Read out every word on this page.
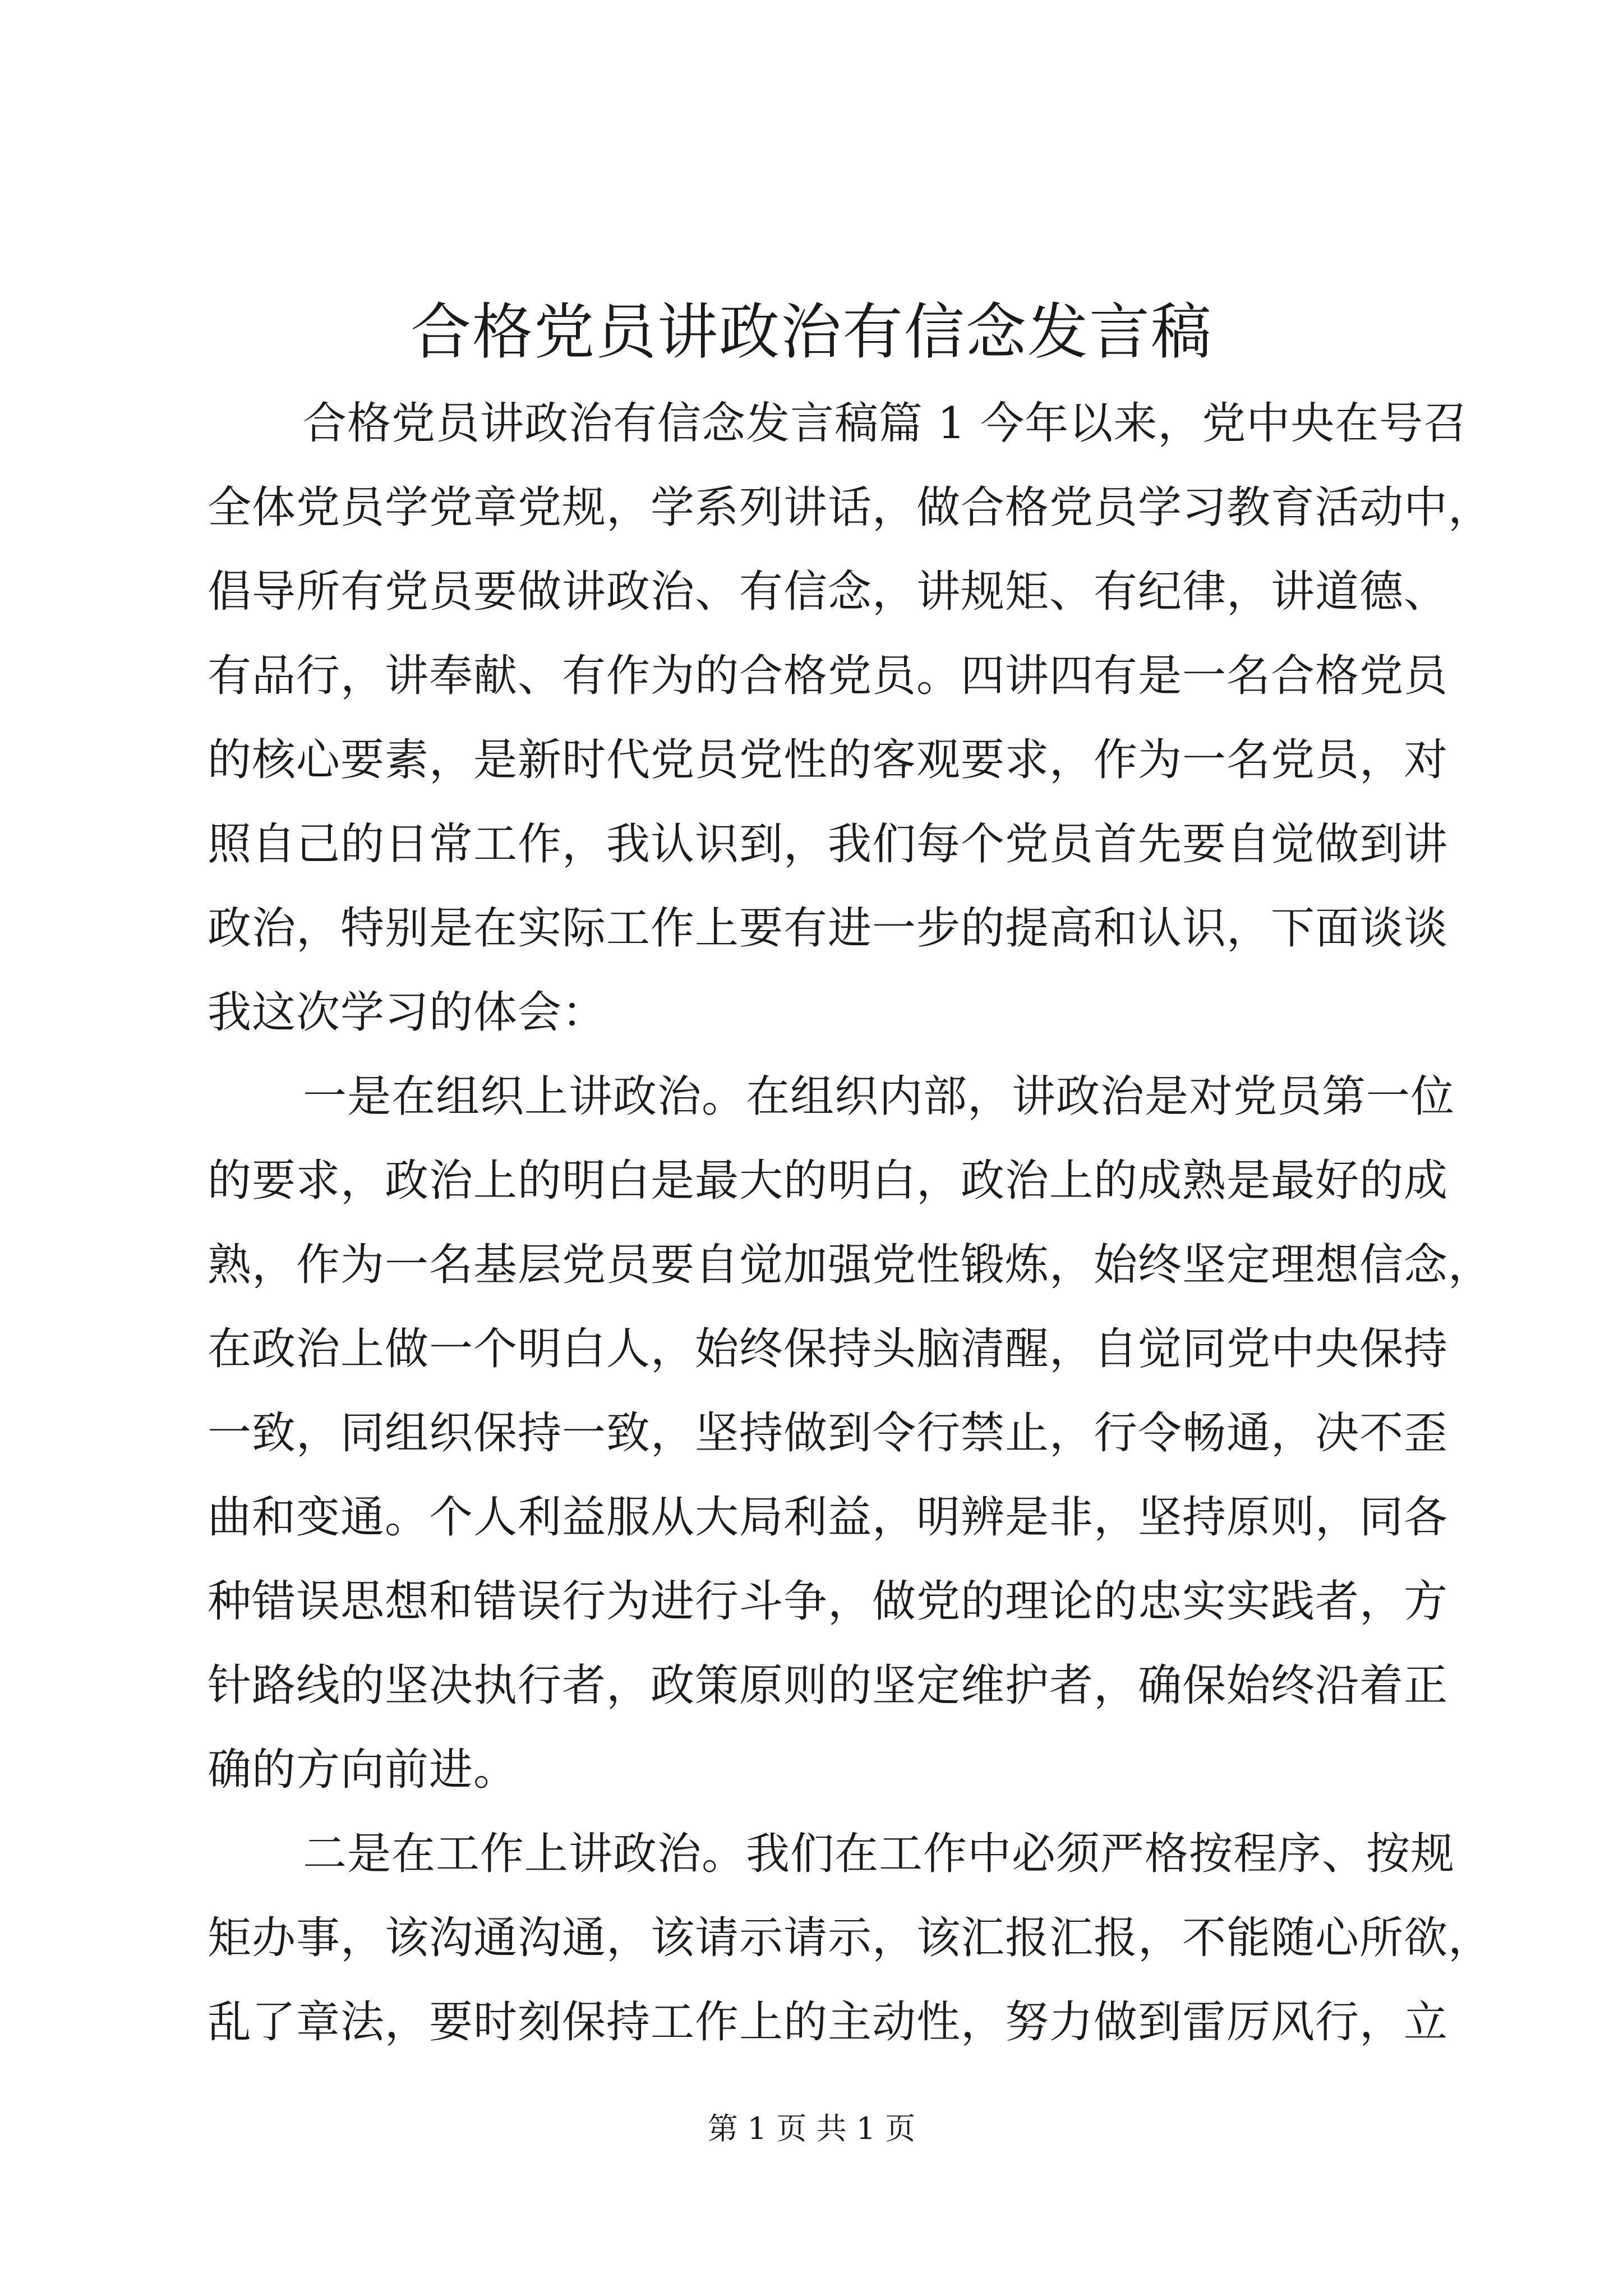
合格党员讲政治有信念发言稿
合格党员讲政治有信念发言稿篇 1 今年以来，党中央在号召
全体党员学党章党规，学系列讲话，做合格党员学习教育活动中，
倡导所有党员要做讲政治、有信念，讲规矩、有纪律，讲道德、
有品行，讲奉献、有作为的合格党员。四讲四有是一名合格党员
的核心要素，是新时代党员党性的客观要求，作为一名党员，对
照自己的日常工作，我认识到，我们每个党员首先要自觉做到讲
政治，特别是在实际工作上要有进一步的提高和认识，下面谈谈
我这次学习的体会：
一是在组织上讲政治。在组织内部，讲政治是对党员第一位
的要求，政治上的明白是最大的明白，政治上的成熟是最好的成
熟，作为一名基层党员要自觉加强党性锻炼，始终坚定理想信念，
在政治上做一个明白人，始终保持头脑清醒，自觉同党中央保持
一致，同组织保持一致，坚持做到令行禁止，行令畅通，决不歪
曲和变通。个人利益服从大局利益，明辨是非，坚持原则，同各
种错误思想和错误行为进行斗争，做党的理论的忠实实践者，方
针路线的坚决执行者，政策原则的坚定维护者，确保始终沿着正
确的方向前进。
二是在工作上讲政治。我们在工作中必须严格按程序、按规
矩办事，该沟通沟通，该请示请示，该汇报汇报，不能随心所欲，
乱了章法，要时刻保持工作上的主动性，努力做到雷厉风行，立
第 1 页 共 1 页
